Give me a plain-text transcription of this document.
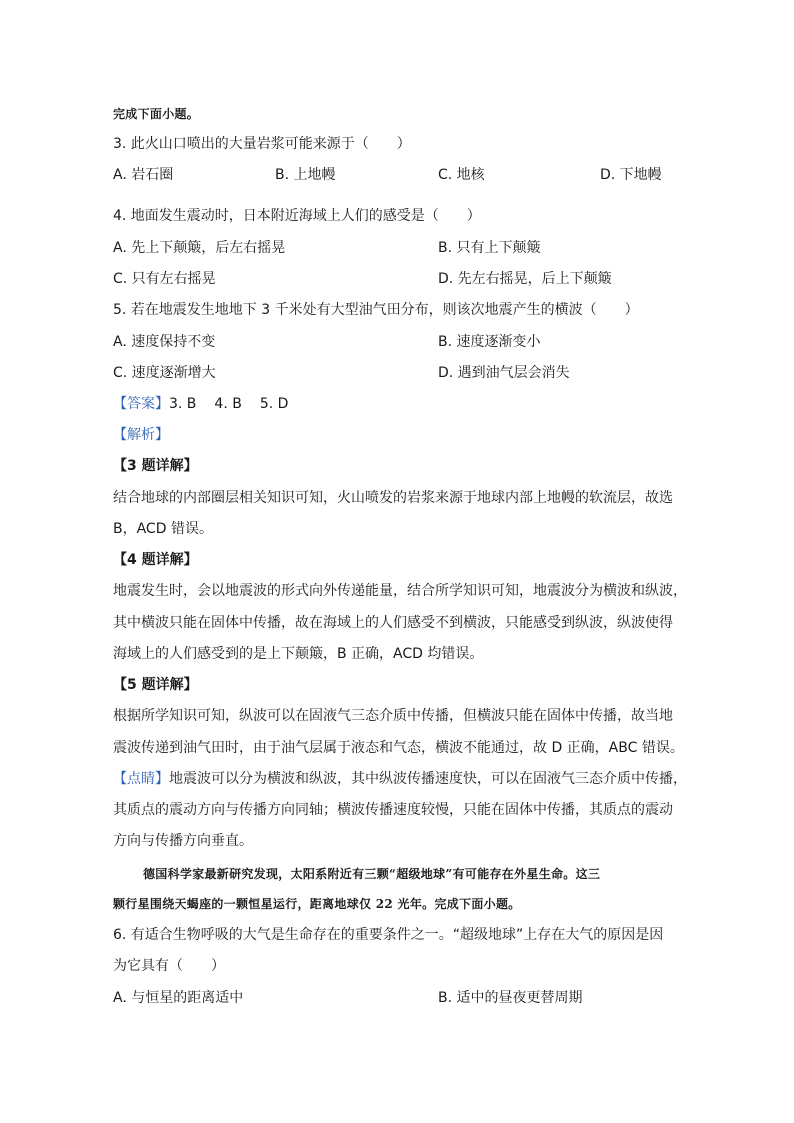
完成下面小题。
3. 此火山口喷出的大量岩浆可能来源于（　　）
A. 岩石圈	B. 上地幔	C. 地核	D. 下地幔
4. 地面发生震动时，日本附近海域上人们的感受是（　　）
A. 先上下颠簸，后左右摇晃	B. 只有上下颠簸
C. 只有左右摇晃	D. 先左右摇晃，后上下颠簸
5. 若在地震发生地地下 3 千米处有大型油气田分布，则该次地震产生的横波（　　）
A. 速度保持不变	B. 速度逐渐变小
C. 速度逐渐增大	D. 遇到油气层会消失
【答案】3. B 4. B 5. D
【解析】
【3 题详解】
结合地球的内部圈层相关知识可知，火山喷发的岩浆来源于地球内部上地幔的软流层，故选
B，ACD 错误。
【4 题详解】
地震发生时，会以地震波的形式向外传递能量，结合所学知识可知，地震波分为横波和纵波，
其中横波只能在固体中传播，故在海域上的人们感受不到横波，只能感受到纵波，纵波使得
海域上的人们感受到的是上下颠簸，B 正确，ACD 均错误。
【5 题详解】
根据所学知识可知，纵波可以在固液气三态介质中传播，但横波只能在固体中传播，故当地
震波传递到油气田时，由于油气层属于液态和气态，横波不能通过，故 D 正确，ABC 错误。
【点睛】地震波可以分为横波和纵波，其中纵波传播速度快，可以在固液气三态介质中传播，
其质点的震动方向与传播方向同轴；横波传播速度较慢，只能在固体中传播，其质点的震动
方向与传播方向垂直。
德国科学家最新研究发现，太阳系附近有三颗“超级地球”有可能存在外星生命。这三
颗行星围绕天蝎座的一颗恒星运行，距离地球仅 22 光年。完成下面小题。
6. 有适合生物呼吸的大气是生命存在的重要条件之一。“超级地球”上存在大气的原因是因
为它具有（　　）
A. 与恒星的距离适中	B. 适中的昼夜更替周期
